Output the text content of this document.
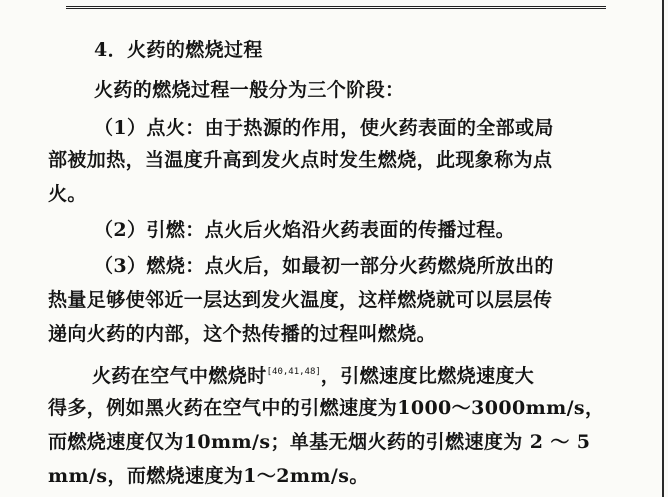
4．火药的燃烧过程
火药的燃烧过程一般分为三个阶段：
（1）点火：由于热源的作用，使火药表面的全部或局
部被加热，当温度升高到发火点时发生燃烧，此现象称为点
火。
（2）引燃：点火后火焰沿火药表面的传播过程。
（3）燃烧：点火后，如最初一部分火药燃烧所放出的
热量足够使邻近一层达到发火温度，这样燃烧就可以层层传
递向火药的内部，这个热传播的过程叫燃烧。
火药在空气中燃烧时[40,41,48]，引燃速度比燃烧速度大
得多，例如黑火药在空气中的引燃速度为1000～3000mm/s，
而燃烧速度仅为10mm/s；单基无烟火药的引燃速度为 2 ～ 5
mm/s，而燃烧速度为1～2mm/s。
